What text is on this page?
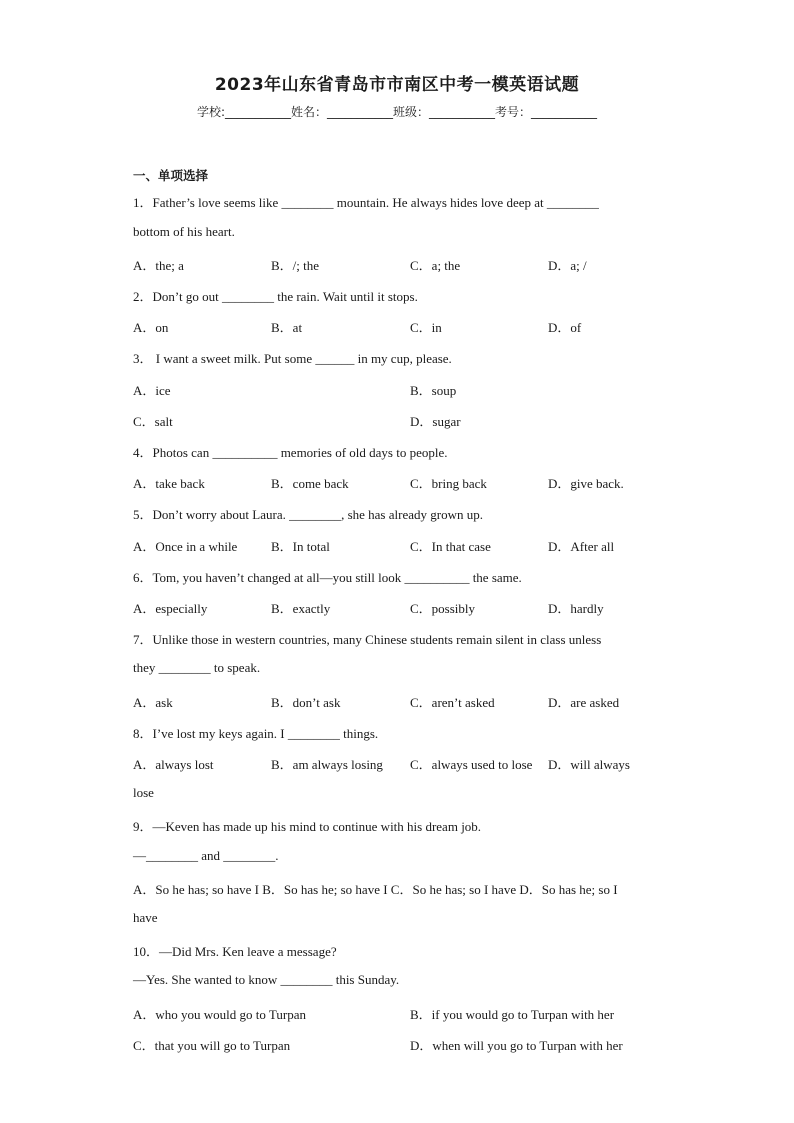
2023年山东省青岛市市南区中考一模英语试题
学校:___________姓名：___________班级：___________考号：___________
一、单项选择
1．Father’s love seems like ________ mountain. He always hides love deep at ________
bottom of his heart.
A．the; a	B．/; the	C．a; the	D．a; /
2．Don’t go out ________ the rain. Wait until it stops.
A．on	B．at	C．in	D．of
3． I want a sweet milk. Put some ______ in my cup, please.
A．ice	B．soup
C．salt	D．sugar
4．Photos can __________ memories of old days to people.
A．take back	B．come back	C．bring back	D．give back.
5．Don’t worry about Laura. ________, she has already grown up.
A．Once in a while	B．In total	C．In that case	D．After all
6．Tom, you haven’t changed at all—you still look __________ the same.
A．especially	B．exactly	C．possibly	D．hardly
7．Unlike those in western countries, many Chinese students remain silent in class unless
they ________ to speak.
A．ask	B．don’t ask	C．aren’t asked	D．are asked
8．I’ve lost my keys again. I ________ things.
A．always lost	B．am always losing C．always used to lose D．will always
lose
9．—Keven has made up his mind to continue with his dream job.
—________ and ________.
A．So he has; so have I B．So has he; so have I C．So he has; so I have D．So has he; so I
have
10．—Did Mrs. Ken leave a message?
—Yes. She wanted to know ________ this Sunday.
A．who you would go to Turpan	B．if you would go to Turpan with her
C．that you will go to Turpan	D．when will you go to Turpan with her
